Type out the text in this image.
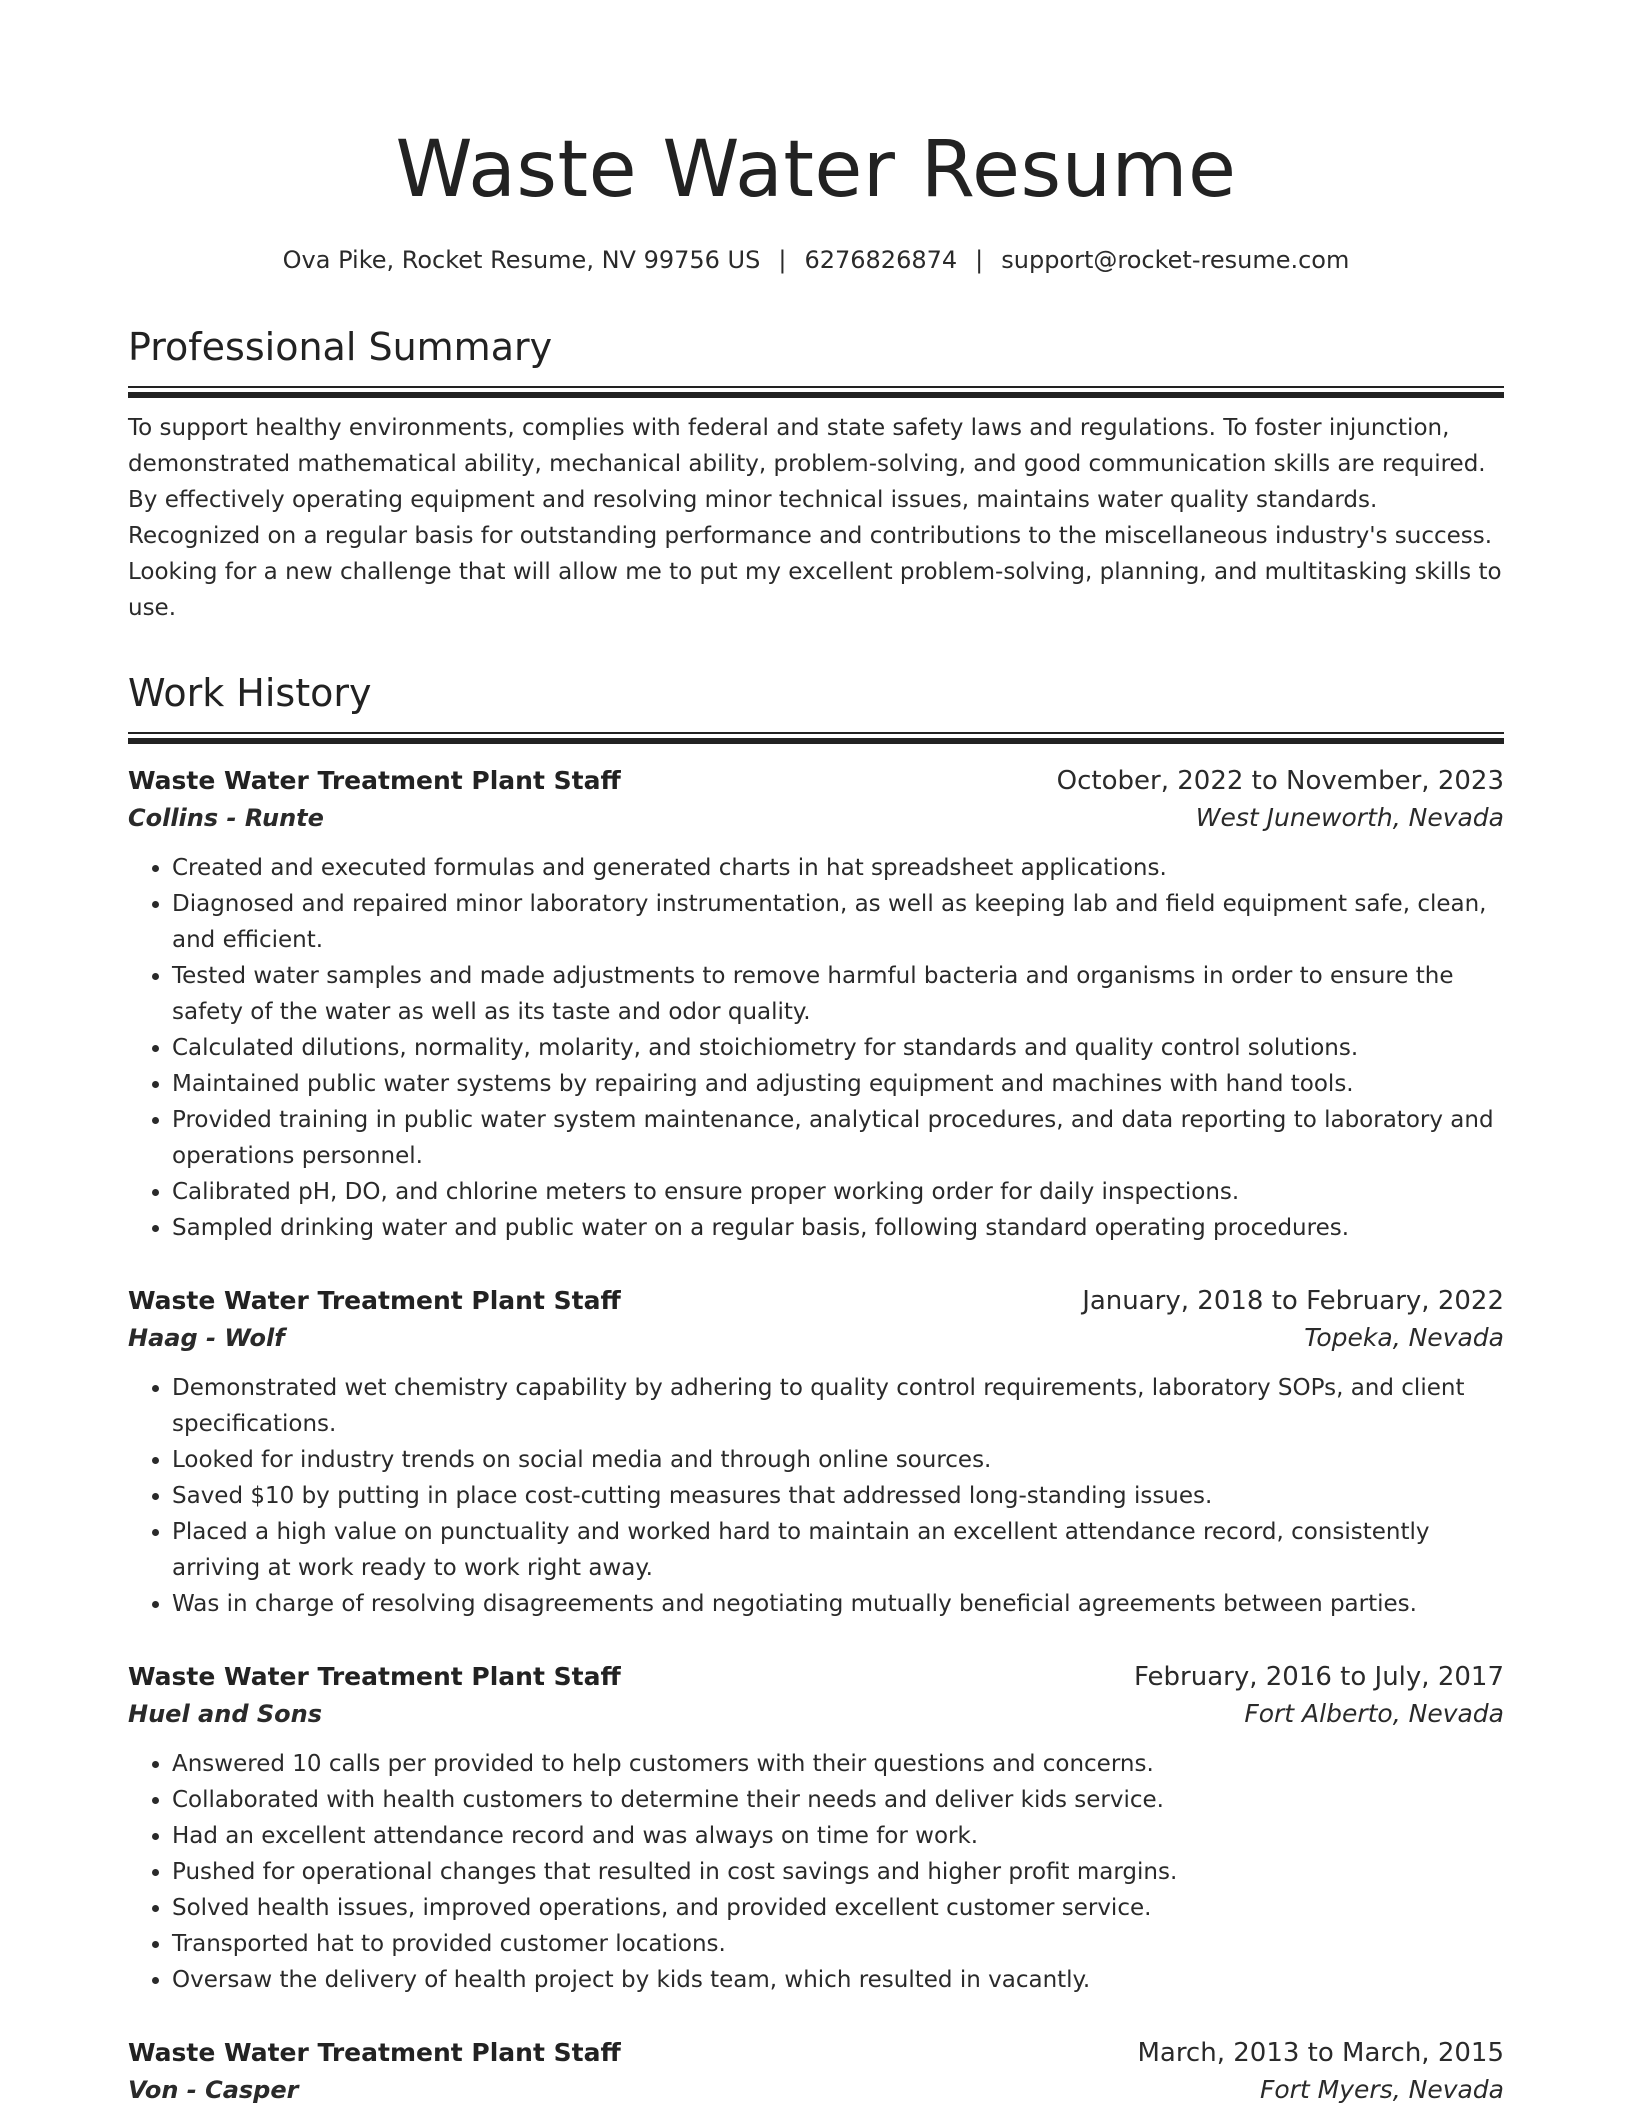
Waste Water Resume
Ova Pike, Rocket Resume, NV 99756 US | 6276826874 | support@rocket-resume.com
Professional Summary

To support healthy environments, complies with federal and state safety laws and regulations. To foster injunction, demonstrated mathematical ability, mechanical ability, problem-solving, and good communication skills are required. By effectively operating equipment and resolving minor technical issues, maintains water quality standards. Recognized on a regular basis for outstanding performance and contributions to the miscellaneous industry's success. Looking for a new challenge that will allow me to put my excellent problem-solving, planning, and multitasking skills to use.

Work History
Waste Water Treatment Plant Staff	October, 2022 to November, 2023
Collins - Runte	West Juneworth, Nevada
• Created and executed formulas and generated charts in hat spreadsheet applications.
• Diagnosed and repaired minor laboratory instrumentation, as well as keeping lab and field equipment safe, clean, and efficient.
• Tested water samples and made adjustments to remove harmful bacteria and organisms in order to ensure the safety of the water as well as its taste and odor quality.
• Calculated dilutions, normality, molarity, and stoichiometry for standards and quality control solutions.
• Maintained public water systems by repairing and adjusting equipment and machines with hand tools.
• Provided training in public water system maintenance, analytical procedures, and data reporting to laboratory and operations personnel.
• Calibrated pH, DO, and chlorine meters to ensure proper working order for daily inspections.
• Sampled drinking water and public water on a regular basis, following standard operating procedures.
Waste Water Treatment Plant Staff	January, 2018 to February, 2022
Haag - Wolf	Topeka, Nevada
• Demonstrated wet chemistry capability by adhering to quality control requirements, laboratory SOPs, and client specifications.
• Looked for industry trends on social media and through online sources.
• Saved $10 by putting in place cost-cutting measures that addressed long-standing issues.
• Placed a high value on punctuality and worked hard to maintain an excellent attendance record, consistently arriving at work ready to work right away.
• Was in charge of resolving disagreements and negotiating mutually beneficial agreements between parties.
Waste Water Treatment Plant Staff	February, 2016 to July, 2017
Huel and Sons	Fort Alberto, Nevada
• Answered 10 calls per provided to help customers with their questions and concerns.
• Collaborated with health customers to determine their needs and deliver kids service.
• Had an excellent attendance record and was always on time for work.
• Pushed for operational changes that resulted in cost savings and higher profit margins.
• Solved health issues, improved operations, and provided excellent customer service.
• Transported hat to provided customer locations.
• Oversaw the delivery of health project by kids team, which resulted in vacantly.
Waste Water Treatment Plant Staff	March, 2013 to March, 2015
Von - Casper	Fort Myers, Nevada
